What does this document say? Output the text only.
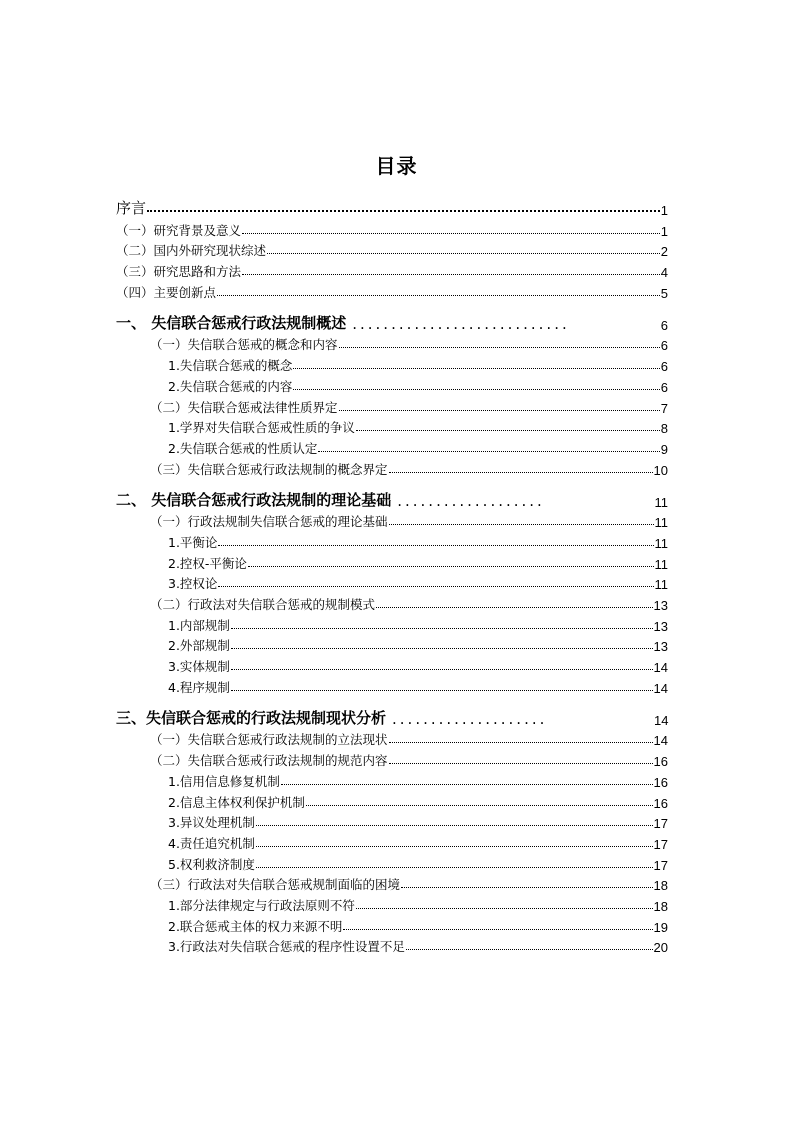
目录
序言	1
（一）研究背景及意义	1
（二）国内外研究现状综述	2
（三）研究思路和方法	4
（四）主要创新点	5
一、 失信联合惩戒行政法规制概述 .....	6
（一）失信联合惩戒的概念和内容	6
1.失信联合惩戒的概念	6
2.失信联合惩戒的内容	6
（二）失信联合惩戒法律性质界定	7
1.学界对失信联合惩戒性质的争议	8
2.失信联合惩戒的性质认定	9
（三）失信联合惩戒行政法规制的概念界定	10
二、 失信联合惩戒行政法规制的理论基础 .....	11
（一）行政法规制失信联合惩戒的理论基础	11
1.平衡论	11
2.控权-平衡论	11
3.控权论	11
（二）行政法对失信联合惩戒的规制模式	13
1.内部规制	13
2.外部规制	13
3.实体规制	14
4.程序规制	14
三、失信联合惩戒的行政法规制现状分析 .....	14
（一）失信联合惩戒行政法规制的立法现状	14
（二）失信联合惩戒行政法规制的规范内容	16
1.信用信息修复机制	16
2.信息主体权利保护机制	16
3.异议处理机制	17
4.责任追究机制	17
5.权利救济制度	17
（三）行政法对失信联合惩戒规制面临的困境	18
1.部分法律规定与行政法原则不符	18
2.联合惩戒主体的权力来源不明	19
3.行政法对失信联合惩戒的程序性设置不足	20
